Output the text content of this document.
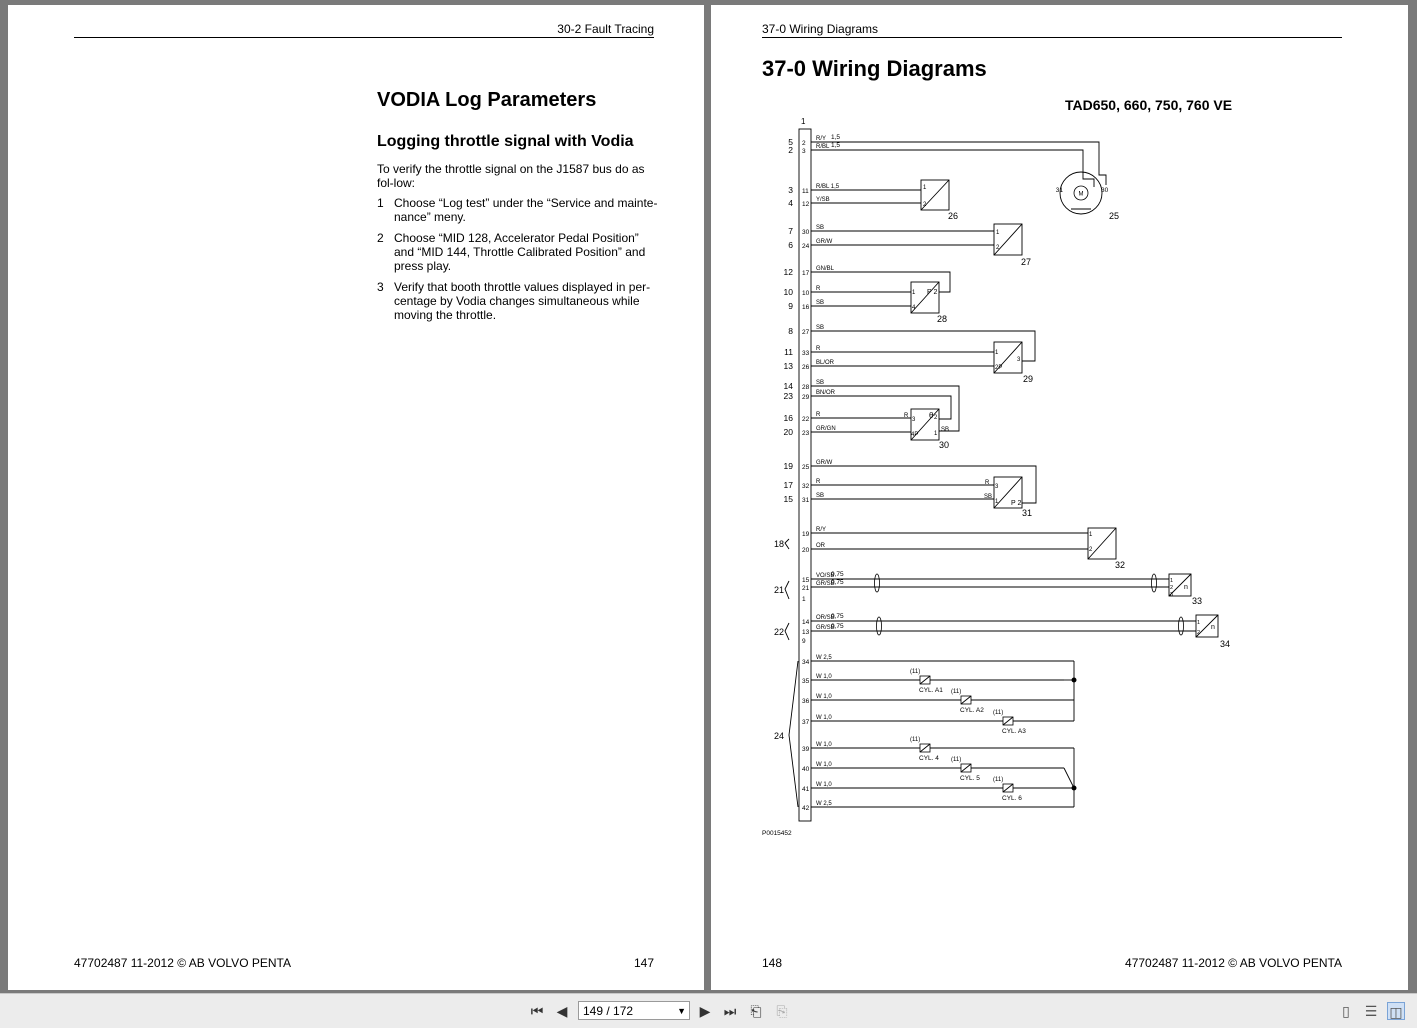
30-2 Fault Tracing
VODIA Log Parameters
Logging throttle signal with Vodia
To verify the throttle signal on the J1587 bus do as fol-low:
1 Choose “Log test” under the “Service and mainte-nance” meny.
2 Choose “MID 128, Accelerator Pedal Position” and “MID 144, Throttle Calibrated Position” and press play.
3 Verify that booth throttle values displayed in per-centage by Vodia changes simultaneous while moving the throttle.
47702487 11-2012 © AB VOLVO PENTA	147
37-0 Wiring Diagrams
37-0 Wiring Diagrams
TAD650, 660, 750, 760 VE
1
5 2
R/Y 1,5
2 3
R/BL 1,5
3 11
R/BL 1,5
4 12
Y/SB
7 30
SB
6 24
GR/W
12 17
GN/BL
10 10
R
9 16
SB
8 27
SB
11 33
R
13 26
BL/OR
14 28
SB
23 29
BN/OR
16 22
R
20 23
GR/GN
19 25
GR/W
17 32
R
15 31
SB
19
R/Y
20
OR
15
VO/SB
0,75
21
GR/SB
0,75
1
14
OR/SB
0,75
13
GR/SB
0,75
9
34
W 2,5
35
W 1,0
36
W 1,0
37
W 1,0
39
W 1,0
40
W 1,0
41
W 1,0
42
W 2,5
18
21
22
24
M
31	30
25
1
2
26
1
2
27
1
4
P 2
28
1
2P
3
29
R
SB
3
4P	1
2
θ
30
R
SB
3
1 P 2
31
1
2
32
1
2
3
n
33
1
2
n
34
(11)
CYL. A1 (11)
CYL. A2 (11)
CYL. A3
(11)
CYL. 4 (11)
CYL. 5 (11)
CYL. 6
P0015452
148	47702487 11-2012 © AB VOLVO PENTA
⏮ ◀	149 / 172	▼ ▶ ⏭	⎗	⎘	▯	☰ ◫
